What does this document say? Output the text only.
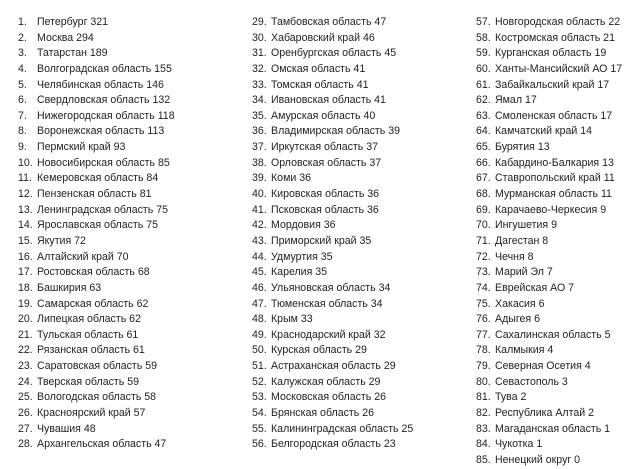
1. Петербург 321
2. Москва 294
3. Татарстан 189
4. Волгоградская область 155
5. Челябинская область 146
6. Свердловская область 132
7. Нижегородская область 118
8. Воронежская область 113
9. Пермский край 93
10. Новосибирская область 85
11. Кемеровская область 84
12. Пензенская область 81
13. Ленинградская область 75
14. Ярославская область 75
15. Якутия 72
16. Алтайский край 70
17. Ростовская область 68
18. Башкирия 63
19. Самарская область 62
20. Липецкая область 62
21. Тульская область 61
22. Рязанская область 61
23. Саратовская область 59
24. Тверская область 59
25. Вологодская область 58
26. Красноярский край 57
27. Чувашия 48
28. Архангельская область 47
29. Тамбовская область 47
30. Хабаровский край 46
31. Оренбургская область 45
32. Омская область 41
33. Томская область 41
34. Ивановская область 41
35. Амурская область 40
36. Владимирская область 39
37. Иркутская область 37
38. Орловская область 37
39. Коми 36
40. Кировская область 36
41. Псковская область 36
42. Мордовия 36
43. Приморский край 35
44. Удмуртия 35
45. Карелия 35
46. Ульяновская область 34
47. Тюменская область 34
48. Крым 33
49. Краснодарский край 32
50. Курская область 29
51. Астраханская область 29
52. Калужская область 29
53. Московская область 26
54. Брянская область 26
55. Калининградская область 25
56. Белгородская область 23
57. Новгородская область 22
58. Костромская область 21
59. Курганская область 19
60. Ханты-Мансийский АО 17
61. Забайкальский край 17
62. Ямал 17
63. Смоленская область 17
64. Камчатский край 14
65. Бурятия 13
66. Кабардино-Балкария 13
67. Ставропольский край 11
68. Мурманская область 11
69. Карачаево-Черкесия 9
70. Ингушетия 9
71. Дагестан 8
72. Чечня 8
73. Марий Эл 7
74. Еврейская АО 7
75. Хакасия 6
76. Адыгея 6
77. Сахалинская область 5
78. Калмыкия 4
79. Северная Осетия 4
80. Севастополь 3
81. Тува 2
82. Республика Алтай 2
83. Магаданская область 1
84. Чукотка 1
85. Ненецкий округ 0
